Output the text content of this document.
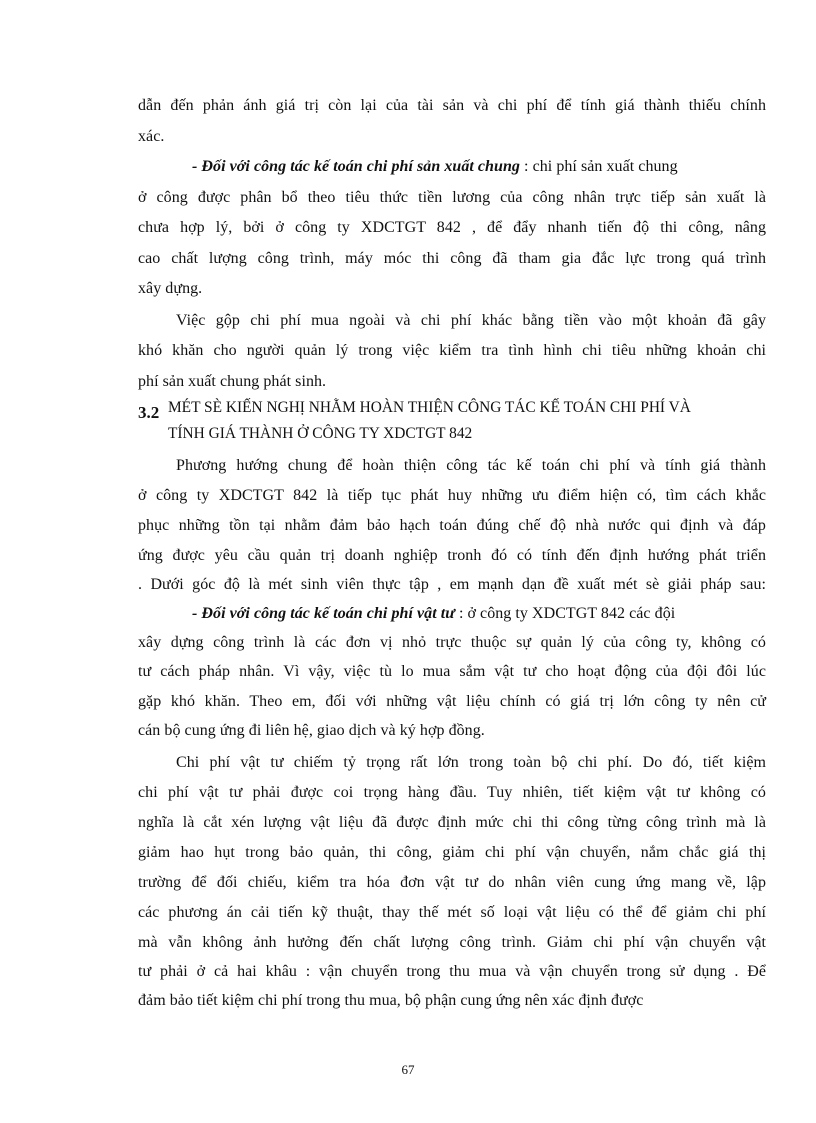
dẫn đến phản ánh giá trị còn lại của tài sản và chi phí để tính giá thành thiếu chính
xác.
- Đối với công tác kế toán chi phí sản xuất chung : chi phí sản xuất chung
ở công được phân bổ theo tiêu thức tiền lương của công nhân trực tiếp sản xuất là
chưa hợp lý, bởi ở công ty XDCTGT 842 , để đẩy nhanh tiến độ thi công, nâng
cao chất lượng công trình, máy móc thi công đã tham gia đắc lực trong quá trình
xây dựng.
Việc gộp chi phí mua ngoài và chi phí khác bằng tiền vào một khoản đã gây
khó khăn cho người quản lý trong việc kiểm tra tình hình chi tiêu những khoản chi
phí sản xuất chung phát sinh.
3.2 MÉT SÈ KIẾN NGHỊ NHẰM HOÀN THIỆN CÔNG TÁC KẾ TOÁN CHI PHÍ VÀ
TÍNH GIÁ THÀNH Ở CÔNG TY XDCTGT 842
Phương hướng chung để hoàn thiện công tác kế toán chi phí và tính giá thành
ở công ty XDCTGT 842 là tiếp tục phát huy những ưu điểm hiện có, tìm cách khắc
phục những tồn tại nhằm đảm bảo hạch toán đúng chế độ nhà nước qui định và đáp
ứng được yêu cầu quản trị doanh nghiệp tronh đó có tính đến định hướng phát triển
. Dưới góc độ là mét sinh viên thực tập , em mạnh dạn đề xuất mét sè giải pháp sau:
- Đối với công tác kế toán chi phí vật tư : ở công ty XDCTGT 842 các đội
xây dựng công trình là các đơn vị nhỏ trực thuộc sự quản lý của công ty, không có
tư cách pháp nhân. Vì vậy, việc tù lo mua sắm vật tư cho hoạt động của đội đôi lúc
gặp khó khăn. Theo em, đối với những vật liệu chính có giá trị lớn công ty nên cử
cán bộ cung ứng đi liên hệ, giao dịch và ký hợp đồng.
Chi phí vật tư chiếm tỷ trọng rất lớn trong toàn bộ chi phí. Do đó, tiết kiệm
chi phí vật tư phải được coi trọng hàng đầu. Tuy nhiên, tiết kiệm vật tư không có
nghĩa là cắt xén lượng vật liệu đã được định mức chi thi công từng công trình mà là
giảm hao hụt trong bảo quản, thi công, giảm chi phí vận chuyển, nắm chắc giá thị
trường để đối chiếu, kiểm tra hóa đơn vật tư do nhân viên cung ứng mang về, lập
các phương án cải tiến kỹ thuật, thay thế mét số loại vật liệu có thể để giảm chi phí
mà vẫn không ảnh hưởng đến chất lượng công trình. Giảm chi phí vận chuyển vật
tư phải ở cả hai khâu : vận chuyển trong thu mua và vận chuyển trong sử dụng . Để
đảm bảo tiết kiệm chi phí trong thu mua, bộ phận cung ứng nên xác định được
67
